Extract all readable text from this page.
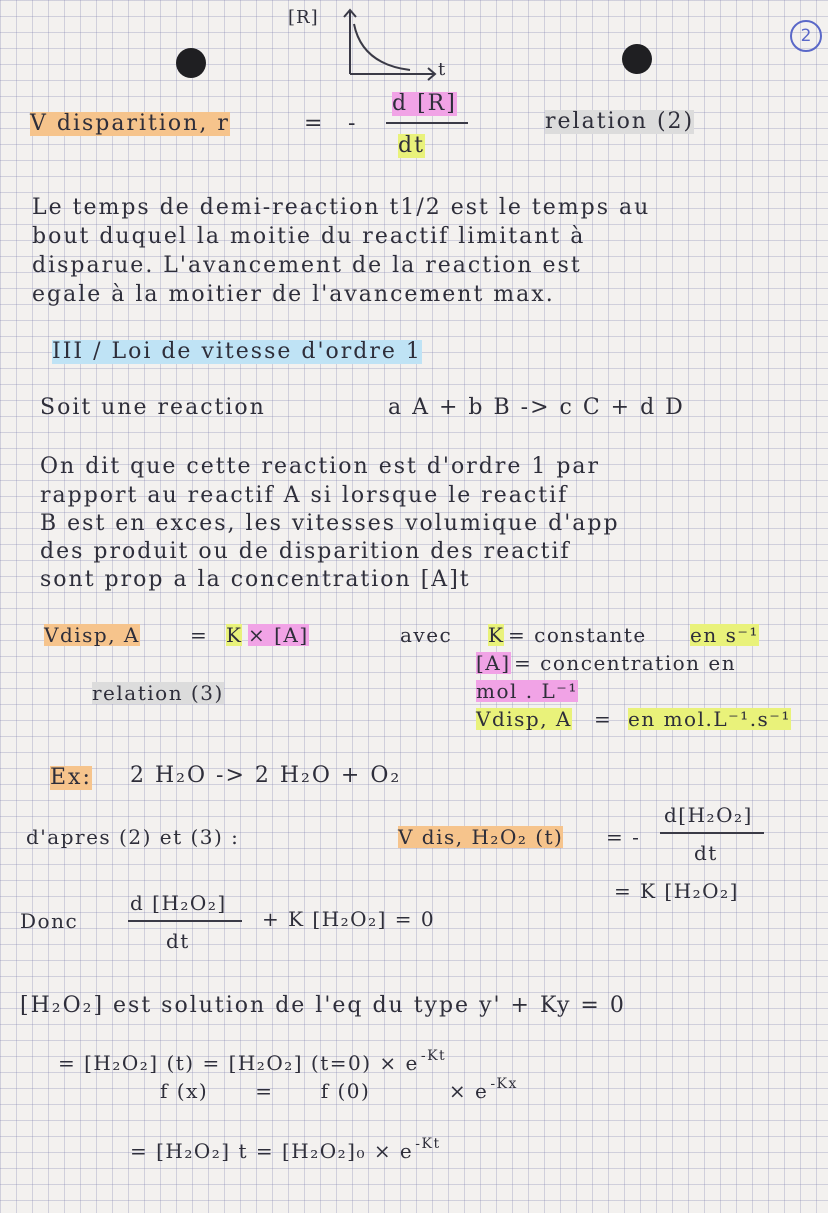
2
[R]
t
V disparition, r	= -
d [R]
dt
relation (2)
Le temps de demi-reaction t1/2 est le temps au
bout duquel la moitie du reactif limitant à
disparue. L'avancement de la reaction est
egale à la moitier de l'avancement max.
III / Loi de vitesse d'ordre 1
Soit une reaction	a A + b B -> c C + d D
On dit que cette reaction est d'ordre 1 par
rapport au reactif A si lorsque le reactif
B est en exces, les vitesses volumique d'app
des produit ou de disparition des reactif
sont prop a la concentration [A]t
Vdisp, A	= K × [A]
relation (3)
avec K = constante en s⁻¹
[A] = concentration en
mol . L⁻¹
Vdisp, A = en mol.L⁻¹.s⁻¹
Ex: 2 H₂O -> 2 H₂O + O₂
d'apres (2) et (3) :	V dis, H₂O₂ (t) = -
d[H₂O₂]
dt
= K [H₂O₂]
Donc
d [H₂O₂]
dt
+ K [H₂O₂] = 0
[H₂O₂] est solution de l'eq du type y' + Ky = 0
= [H₂O₂] (t) = [H₂O₂] (t=0) × e $^{-Kt}$
f (x)      =      f (0)          × e $^{-Kx}$
= [H₂O₂] t = [H₂O₂]₀ × e $^{-Kt}$
